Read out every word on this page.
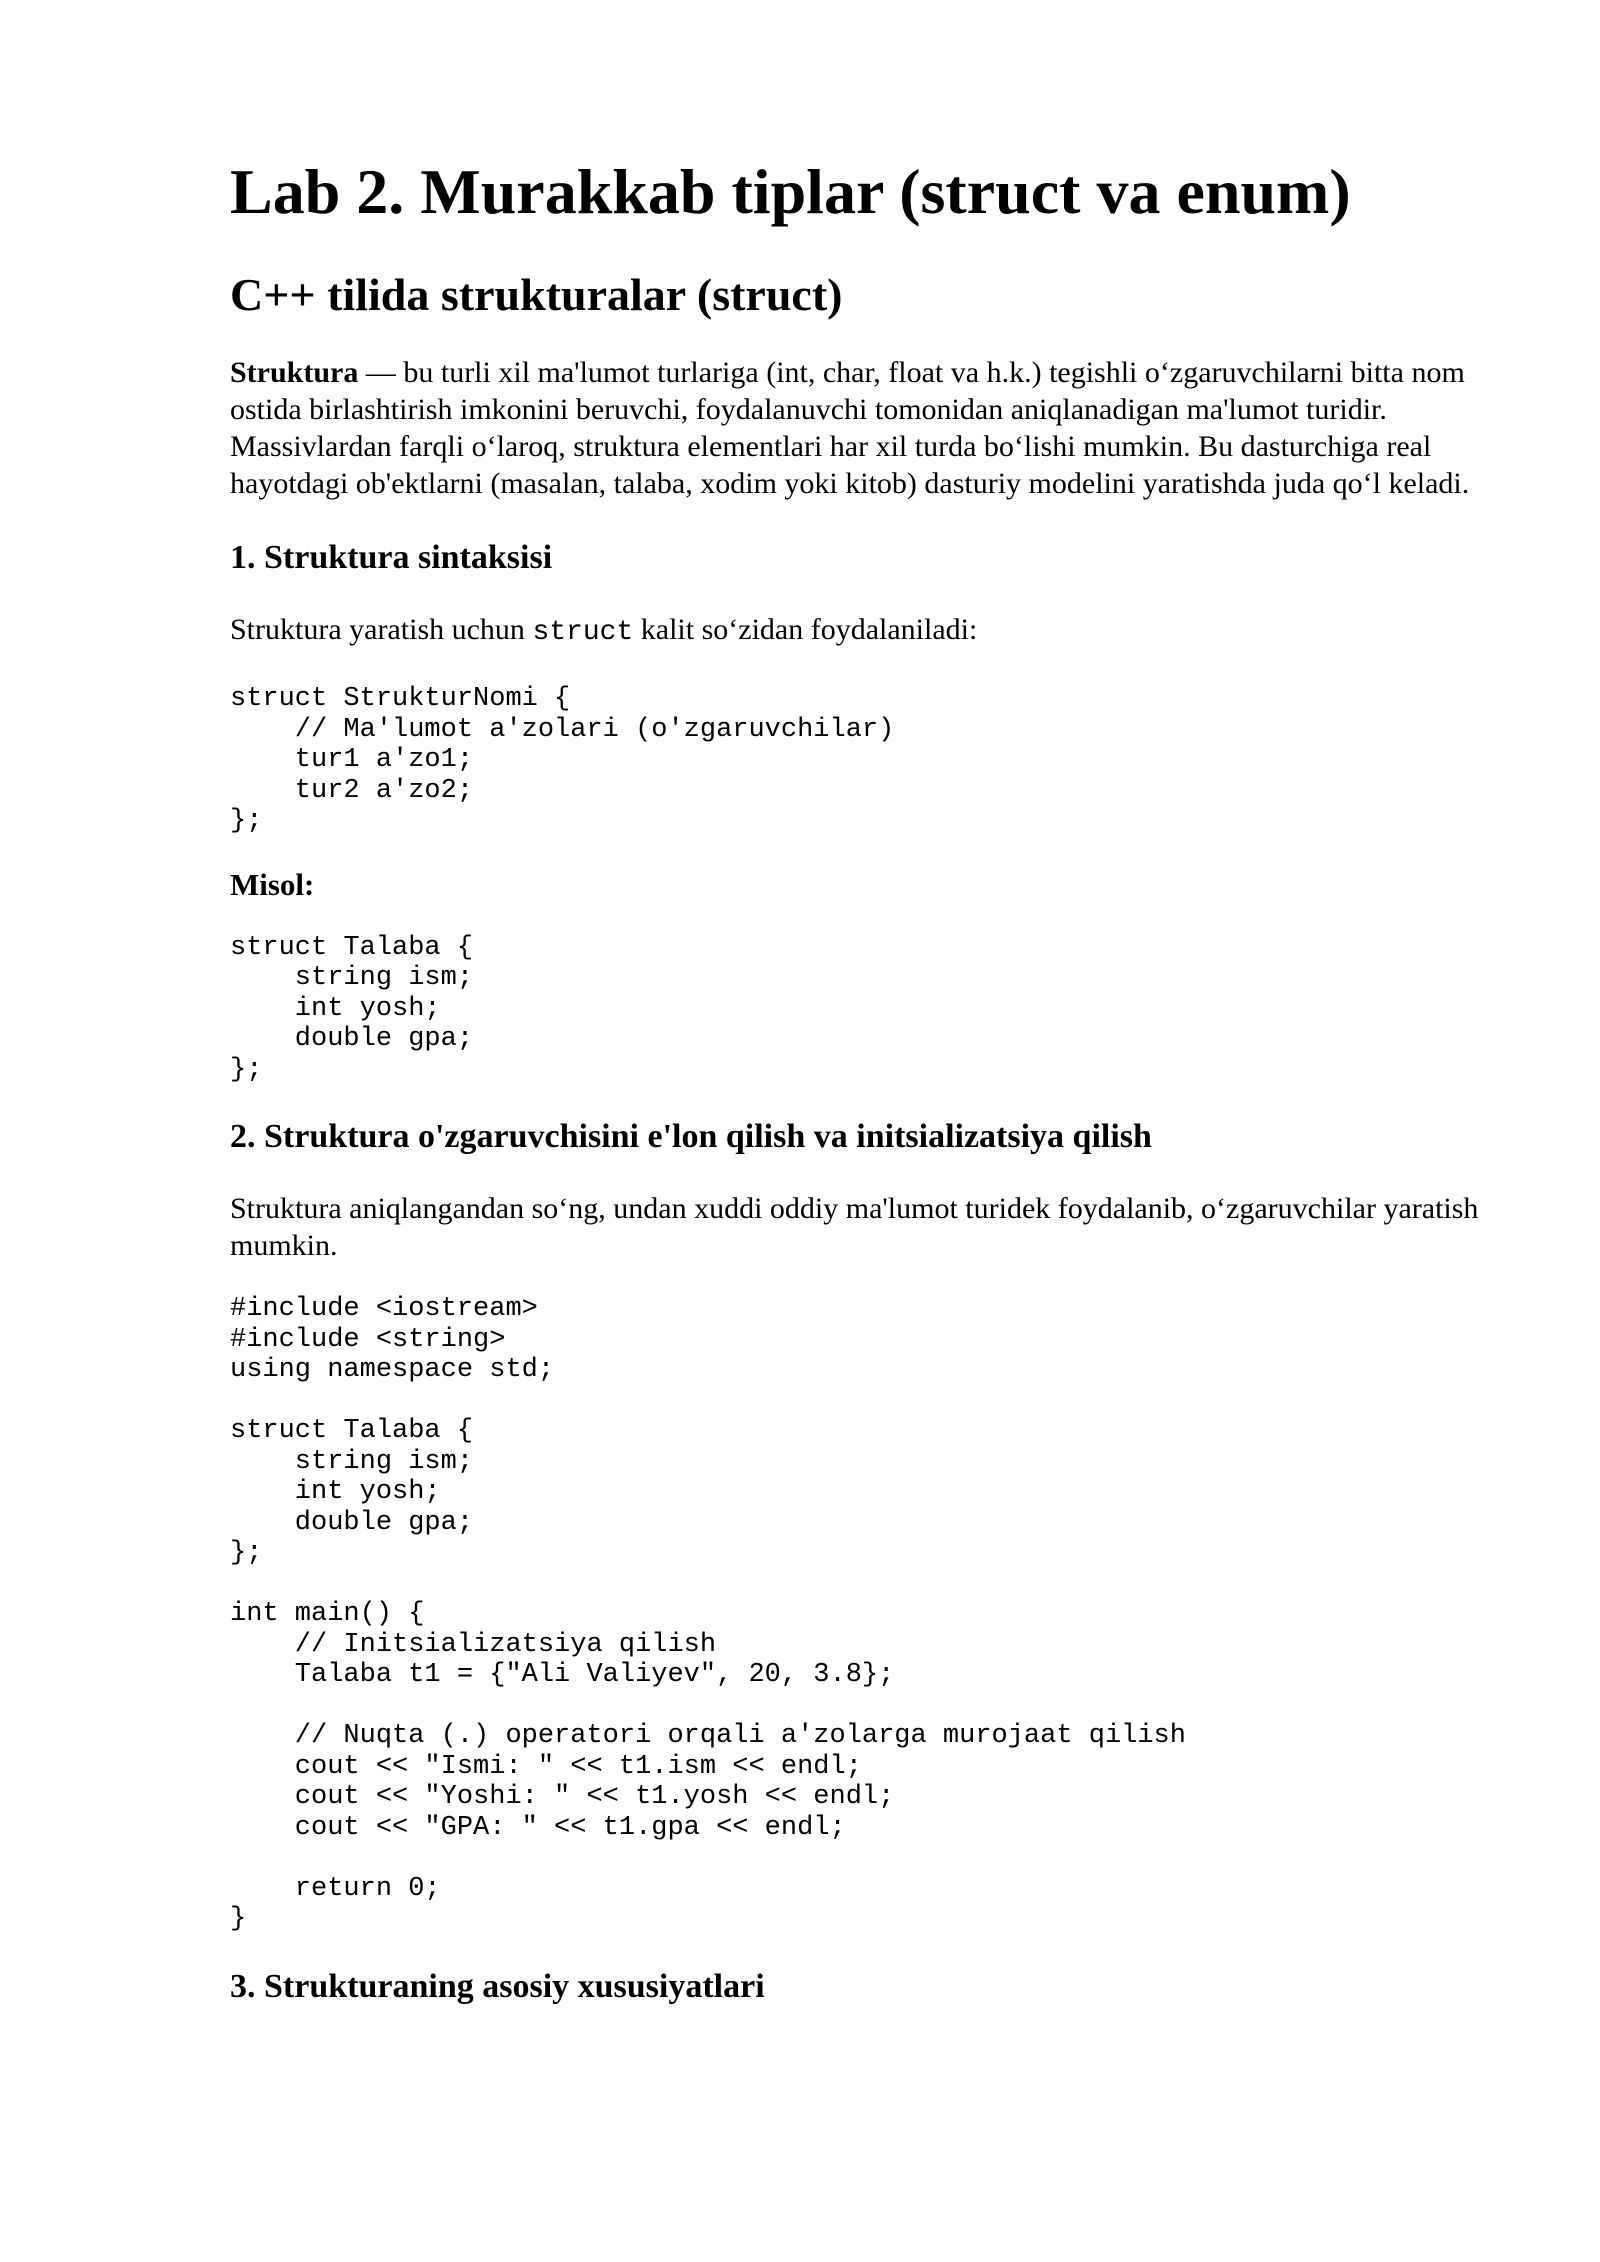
Lab 2. Murakkab tiplar (struct va enum)
C++ tilida strukturalar (struct)

Struktura — bu turli xil ma'lumot turlariga (int, char, float va h.k.) tegishli o‘zgaruvchilarni bitta nom ostida birlashtirish imkonini beruvchi, foydalanuvchi tomonidan aniqlanadigan ma'lumot turidir. Massivlardan farqli o‘laroq, struktura elementlari har xil turda bo‘lishi mumkin. Bu dasturchiga real hayotdagi ob'ektlarni (masalan, talaba, xodim yoki kitob) dasturiy modelini yaratishda juda qo‘l keladi.

1. Struktura sintaksisi

Struktura yaratish uchun struct kalit so‘zidan foydalaniladi:

struct StrukturNomi {
// Ma'lumot a'zolari (o'zgaruvchilar)
tur1 a'zo1;
tur2 a'zo2;
};
Misol:
struct Talaba {
string ism;
int yosh;
double gpa;
};
2. Struktura o'zgaruvchisini e'lon qilish va initsializatsiya qilish

Struktura aniqlangandan so‘ng, undan xuddi oddiy ma'lumot turidek foydalanib, o‘zgaruvchilar yaratish mumkin.

#include <iostream>
#include <string>
using namespace std;

struct Talaba {
string ism;
int yosh;
double gpa;
};

int main() {
// Initsializatsiya qilish
Talaba t1 = {"Ali Valiyev", 20, 3.8};

// Nuqta (.) operatori orqali a'zolarga murojaat qilish
cout << "Ismi: " << t1.ism << endl;
cout << "Yoshi: " << t1.yosh << endl;
cout << "GPA: " << t1.gpa << endl;

return 0;
}
3. Strukturaning asosiy xususiyatlari
